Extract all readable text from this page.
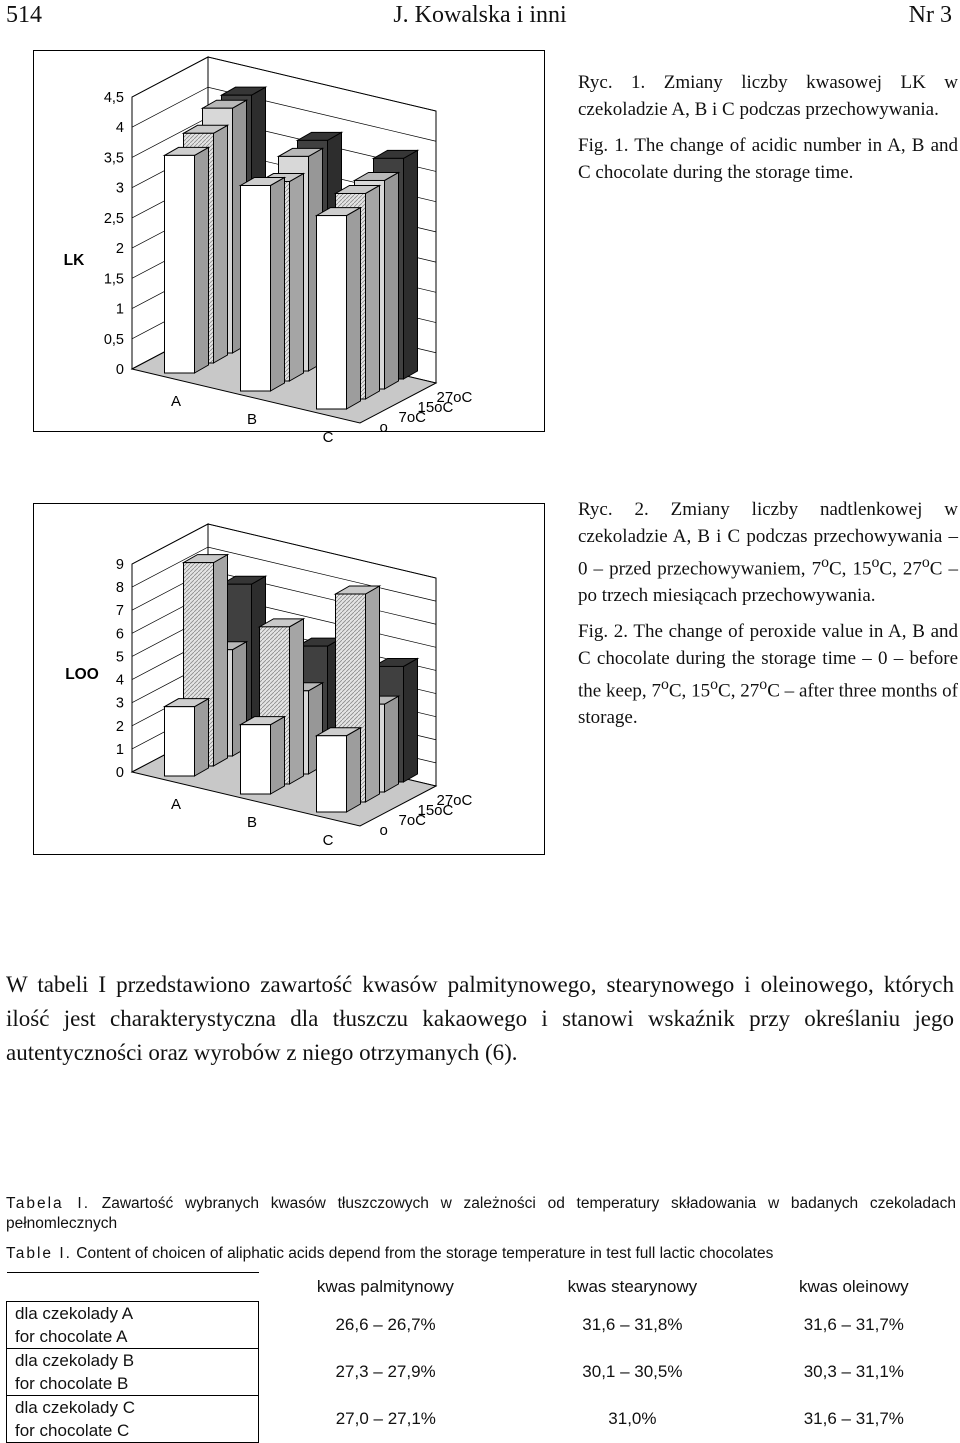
514	J. Kowalska i inni	Nr 3
0
0,5
1
1,5
2
2,5
3
3,5
4
4,5
LK
A
B
C
o
7oC
15oC
27oC

Ryc. 1. Zmiany liczby kwasowej LK w czekoladzie A, B i C podczas przechowywania.

Fig. 1. The change of acidic number in A, B and C chocolate during the storage time.

0
1
2
3
4
5
6
7
8
9
LOO
A
B
C
o
7oC
15oC
27oC

Ryc. 2. Zmiany liczby nadtlenkowej w czekoladzie A, B i C podczas przechowywania – 0 – przed przechowywaniem, 7$^o$C, 15$^o$C, 27$^o$C – po trzech miesiącach przechowywania.

Fig. 2. The change of peroxide value in A, B and C chocolate during the storage time – 0 – before the keep, 7$^o$C, 15$^o$C, 27$^o$C – after three months of storage.

W tabeli I przedstawiono zawartość kwasów palmitynowego, stearynowego i oleinowego, których ilość jest charakterystyczna dla tłuszczu kakaowego i stanowi wskaźnik przy określaniu jego autentyczności oraz wyrobów z niego otrzymanych (6).
Tabela I. Zawartość wybranych kwasów tłuszczowych w zależności od temperatury składowania w badanych czekoladach pełnomlecznych
Table I. Content of choicen of aliphatic acids depend from the storage temperature in test full lactic chocolates
	kwas palmitynowy	kwas stearynowy	kwas oleinowy

dla czekolady A
for chocolate A	26,6 – 26,7%	31,6 – 31,8%	31,6 – 31,7%

dla czekolady B
for chocolate B	27,3 – 27,9%	30,1 – 30,5%	30,3 – 31,1%

dla czekolady C
for chocolate C	27,0 – 27,1%	31,0%	31,6 – 31,7%
